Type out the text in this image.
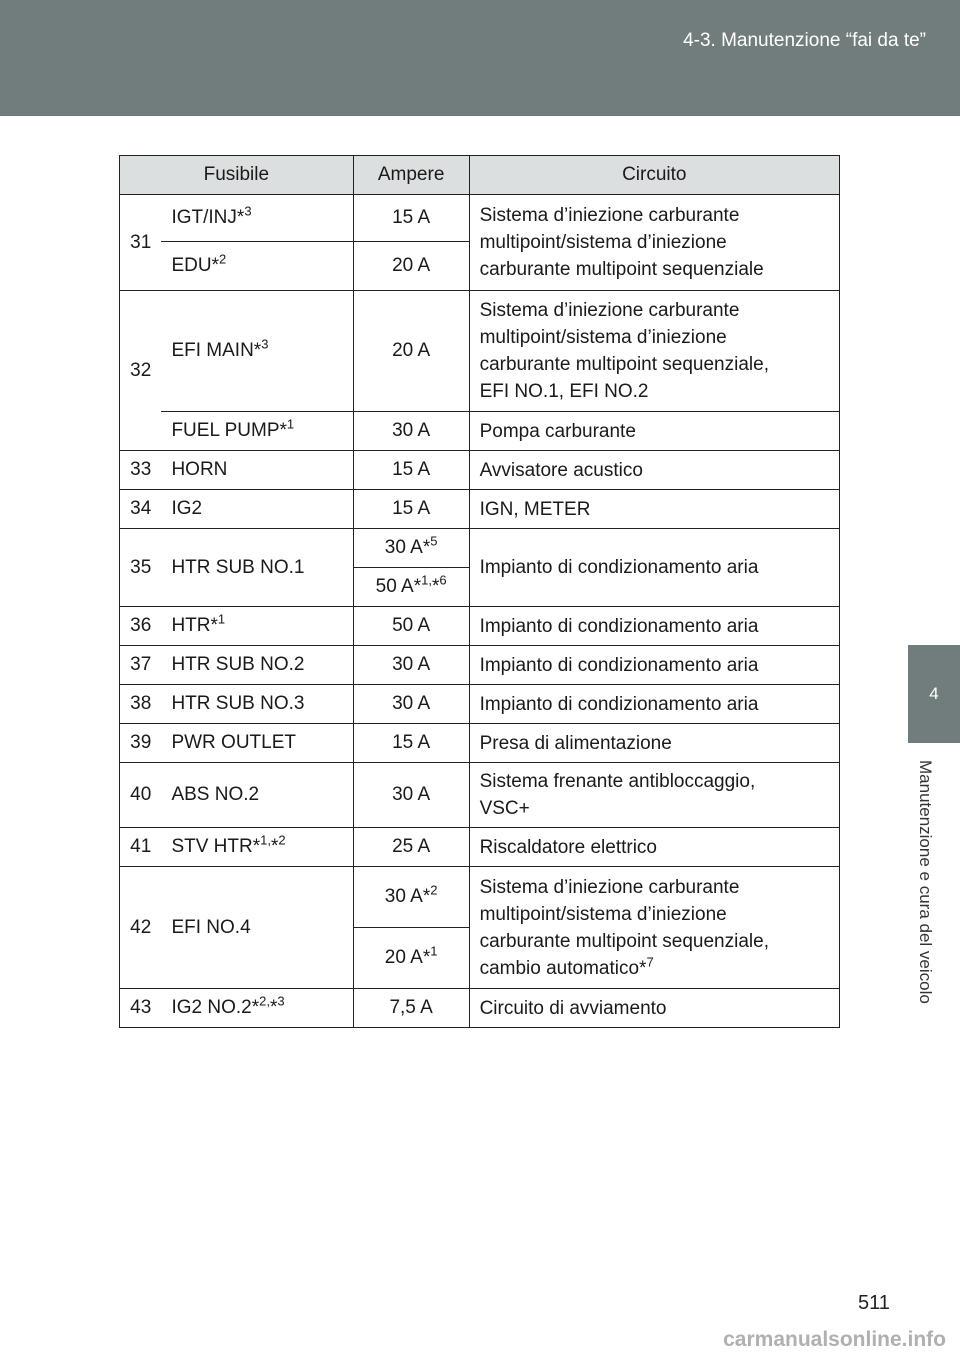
4-3. Manutenzione “fai da te”
4
Manutenzione e cura del veicolo
Fusibile		Ampere	Circuito
31	IGT/INJ*$^3$	15 A	Sistema d’iniezione carburante
multipoint/sistema d’iniezione
carburante multipoint sequenziale

	EDU*$^2$	20 A	
32	EFI MAIN*$^3$	20 A	Sistema d’iniezione carburante
multipoint/sistema d’iniezione
carburante multipoint sequenziale,
EFI NO.1, EFI NO.2

	FUEL PUMP*$^1$	30 A	Pompa carburante
33	HORN	15 A	Avvisatore acustico
34	IG2	15 A	IGN, METER
35	HTR SUB NO.1	30 A*$^5$	Impianto di condizionamento aria
		50 A*$^{1,}$*$^6$
36	HTR*$^1$	50 A	Impianto di condizionamento aria
37	HTR SUB NO.2	30 A	Impianto di condizionamento aria
38	HTR SUB NO.3	30 A	Impianto di condizionamento aria
39	PWR OUTLET	15 A	Presa di alimentazione
40	ABS NO.2	30 A	Sistema frenante antibloccaggio,
VSC+

41	STV HTR*$^{1,}$*$^2$	25 A	Riscaldatore elettrico
42	EFI NO.4	30 A*$^2$	Sistema d’iniezione carburante
multipoint/sistema d’iniezione
carburante multipoint sequenziale,
cambio automatico*$^7$

		20 A*$^1$
43	IG2 NO.2*$^{2,}$*$^3$	7,5 A	Circuito di avviamento
511
carmanualsonline.info
